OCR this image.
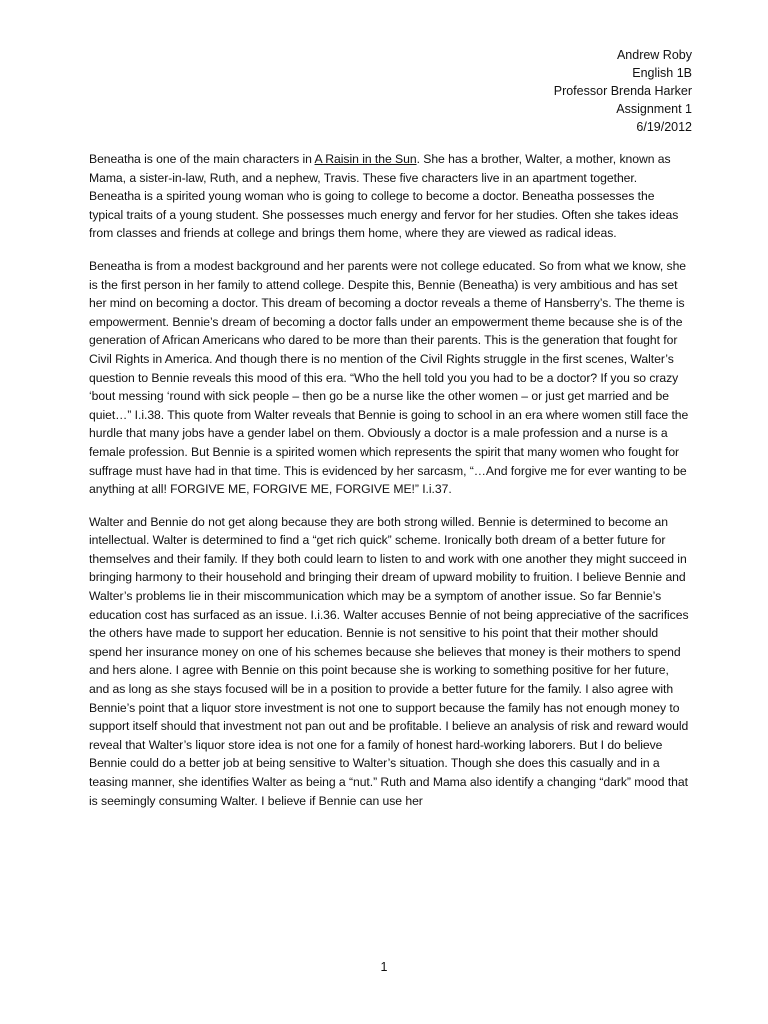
Andrew Roby
English 1B
Professor Brenda Harker
Assignment 1
6/19/2012

Beneatha is one of the main characters in A Raisin in the Sun. She has a brother, Walter, a mother, known as Mama, a sister-in-law, Ruth, and a nephew, Travis. These five characters live in an apartment together. Beneatha is a spirited young woman who is going to college to become a doctor. Beneatha possesses the typical traits of a young student. She possesses much energy and fervor for her studies. Often she takes ideas from classes and friends at college and brings them home, where they are viewed as radical ideas.

Beneatha is from a modest background and her parents were not college educated. So from what we know, she is the first person in her family to attend college. Despite this, Bennie (Beneatha) is very ambitious and has set her mind on becoming a doctor. This dream of becoming a doctor reveals a theme of Hansberry’s. The theme is empowerment. Bennie’s dream of becoming a doctor falls under an empowerment theme because she is of the generation of African Americans who dared to be more than their parents. This is the generation that fought for Civil Rights in America. And though there is no mention of the Civil Rights struggle in the first scenes, Walter’s question to Bennie reveals this mood of this era. “Who the hell told you you had to be a doctor? If you so crazy ‘bout messing ‘round with sick people – then go be a nurse like the other women – or just get married and be quiet…” I.i.38. This quote from Walter reveals that Bennie is going to school in an era where women still face the hurdle that many jobs have a gender label on them. Obviously a doctor is a male profession and a nurse is a female profession. But Bennie is a spirited women which represents the spirit that many women who fought for suffrage must have had in that time. This is evidenced by her sarcasm, “…And forgive me for ever wanting to be anything at all! FORGIVE ME, FORGIVE ME, FORGIVE ME!” I.i.37.

Walter and Bennie do not get along because they are both strong willed. Bennie is determined to become an intellectual. Walter is determined to find a “get rich quick” scheme. Ironically both dream of a better future for themselves and their family. If they both could learn to listen to and work with one another they might succeed in bringing harmony to their household and bringing their dream of upward mobility to fruition. I believe Bennie and Walter’s problems lie in their miscommunication which may be a symptom of another issue. So far Bennie’s education cost has surfaced as an issue. I.i.36. Walter accuses Bennie of not being appreciative of the sacrifices the others have made to support her education. Bennie is not sensitive to his point that their mother should spend her insurance money on one of his schemes because she believes that money is their mothers to spend and hers alone. I agree with Bennie on this point because she is working to something positive for her future, and as long as she stays focused will be in a position to provide a better future for the family. I also agree with Bennie’s point that a liquor store investment is not one to support because the family has not enough money to support itself should that investment not pan out and be profitable. I believe an analysis of risk and reward would reveal that Walter’s liquor store idea is not one for a family of honest hard-working laborers. But I do believe Bennie could do a better job at being sensitive to Walter’s situation. Though she does this casually and in a teasing manner, she identifies Walter as being a “nut.” Ruth and Mama also identify a changing “dark” mood that is seemingly consuming Walter. I believe if Bennie can use her

1
